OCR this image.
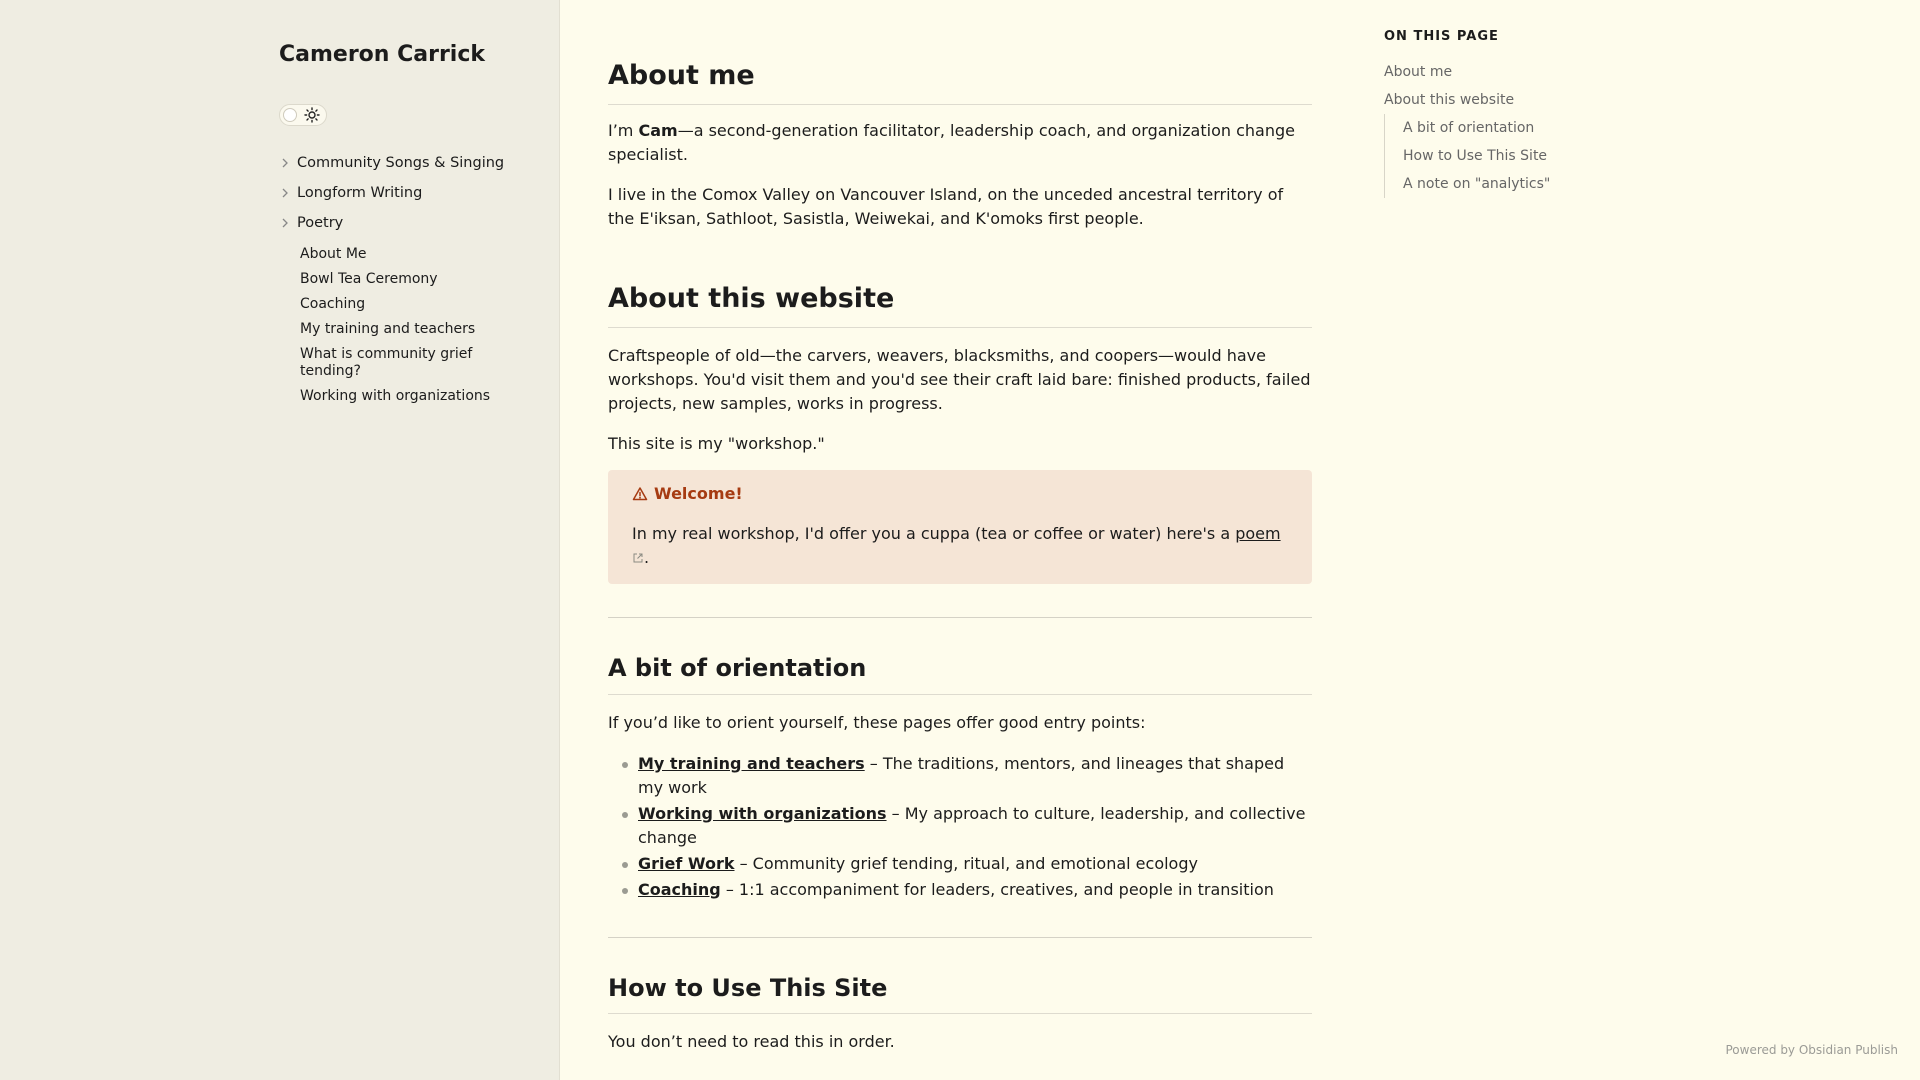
Cameron Carrick
Community Songs & Singing
Longform Writing
Poetry
About Me
Bowl Tea Ceremony
Coaching
My training and teachers
What is community grief tending?
Working with organizations
About me

I’m Cam—a second-generation facilitator, leadership coach, and organization change specialist.

I live in the Comox Valley on Vancouver Island, on the unceded ancestral territory of the E'iksan, Sathloot, Sasistla, Weiwekai, and K'omoks first people.

About this website

Craftspeople of old—the carvers, weavers, blacksmiths, and coopers—would have workshops. You'd visit them and you'd see their craft laid bare: finished products, failed projects, new samples, works in progress.

This site is my "workshop."

Welcome!
In my real workshop, I'd offer you a cuppa (tea or coffee or water) here's a poem.
A bit of orientation

If you’d like to orient yourself, these pages offer good entry points:

My training and teachers – The traditions, mentors, and lineages that shaped my work
Working with organizations – My approach to culture, leadership, and collective change
Grief Work – Community grief tending, ritual, and emotional ecology
Coaching – 1:1 accompaniment for leaders, creatives, and people in transition
How to Use This Site

You don’t need to read this in order.

ON THIS PAGE
About me
About this website
A bit of orientation
How to Use This Site
A note on "analytics"
Powered by Obsidian Publish
